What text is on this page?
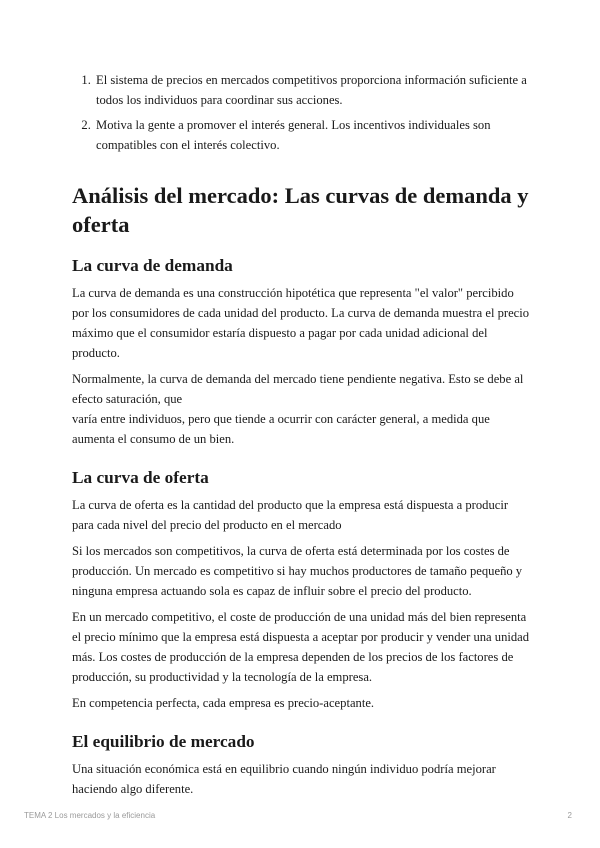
1. El sistema de precios en mercados competitivos proporciona información suficiente a todos los individuos para coordinar sus acciones.
2. Motiva la gente a promover el interés general. Los incentivos individuales son compatibles con el interés colectivo.
Análisis del mercado: Las curvas de demanda y oferta
La curva de demanda

La curva de demanda es una construcción hipotética que representa "el valor" percibido por los consumidores de cada unidad del producto. La curva de demanda muestra el precio máximo que el consumidor estaría dispuesto a pagar por cada unidad adicional del producto.

Normalmente, la curva de demanda del mercado tiene pendiente negativa. Esto se debe al efecto saturación, que
varía entre individuos, pero que tiende a ocurrir con carácter general, a medida que aumenta el consumo de un bien.

La curva de oferta

La curva de oferta es la cantidad del producto que la empresa está dispuesta a producir para cada nivel del precio del producto en el mercado

Si los mercados son competitivos, la curva de oferta está determinada por los costes de producción. Un mercado es competitivo si hay muchos productores de tamaño pequeño y ninguna empresa actuando sola es capaz de influir sobre el precio del producto.

En un mercado competitivo, el coste de producción de una unidad más del bien representa el precio mínimo que la empresa está dispuesta a aceptar por producir y vender una unidad más. Los costes de producción de la empresa dependen de los precios de los factores de producción, su productividad y la tecnología de la empresa.

En competencia perfecta, cada empresa es precio-aceptante.

El equilibrio de mercado

Una situación económica está en equilibrio cuando ningún individuo podría mejorar haciendo algo diferente.

TEMA 2 Los mercados y la eficiencia	2
